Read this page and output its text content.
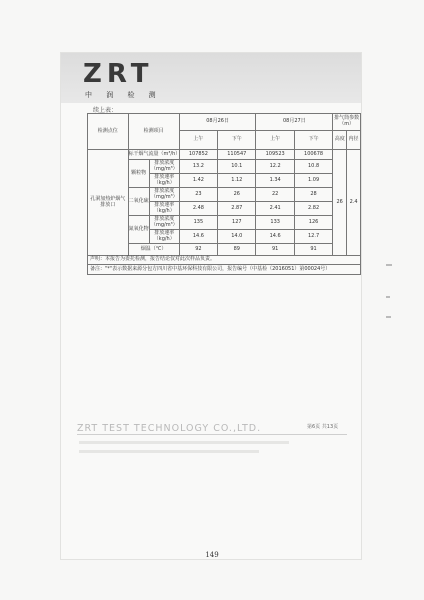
ZRT
中 润 检 测
续上表：
检测点位	检测项目		08月26日		08月27日		排气筒参数（m）	
			上午	下午	上午	下午	高度	内径
孔洞加热炉烟气排放口	标干烟气流量（m³/h）		107852	110547	109523	100678	26	2.4
	颗粒物	排放浓度（mg/m³）	13.2	10.1	12.2	10.8		
		排放速率（kg/h）	1.42	1.12	1.34	1.09		
	二氧化硫	排放浓度（mg/m³）	23	26	22	28		
		排放速率（kg/h）	2.48	2.87	2.41	2.82		
	氮氧化物	排放浓度（mg/m³）	135	127	133	126		
		排放速率（kg/h）	14.6	14.0	14.6	12.7		
	烟温（℃）		92	89	91	91		
声明：本报告为委托检测，报告结论仅对此次样品负责。								
备注："*"表示数据来源分包方四川省中基环保科技有限公司，报告编号（中基检（2016051）第00024号）								
ZRT TEST TECHNOLOGY CO.,LTD.	第6页 共13页
149
